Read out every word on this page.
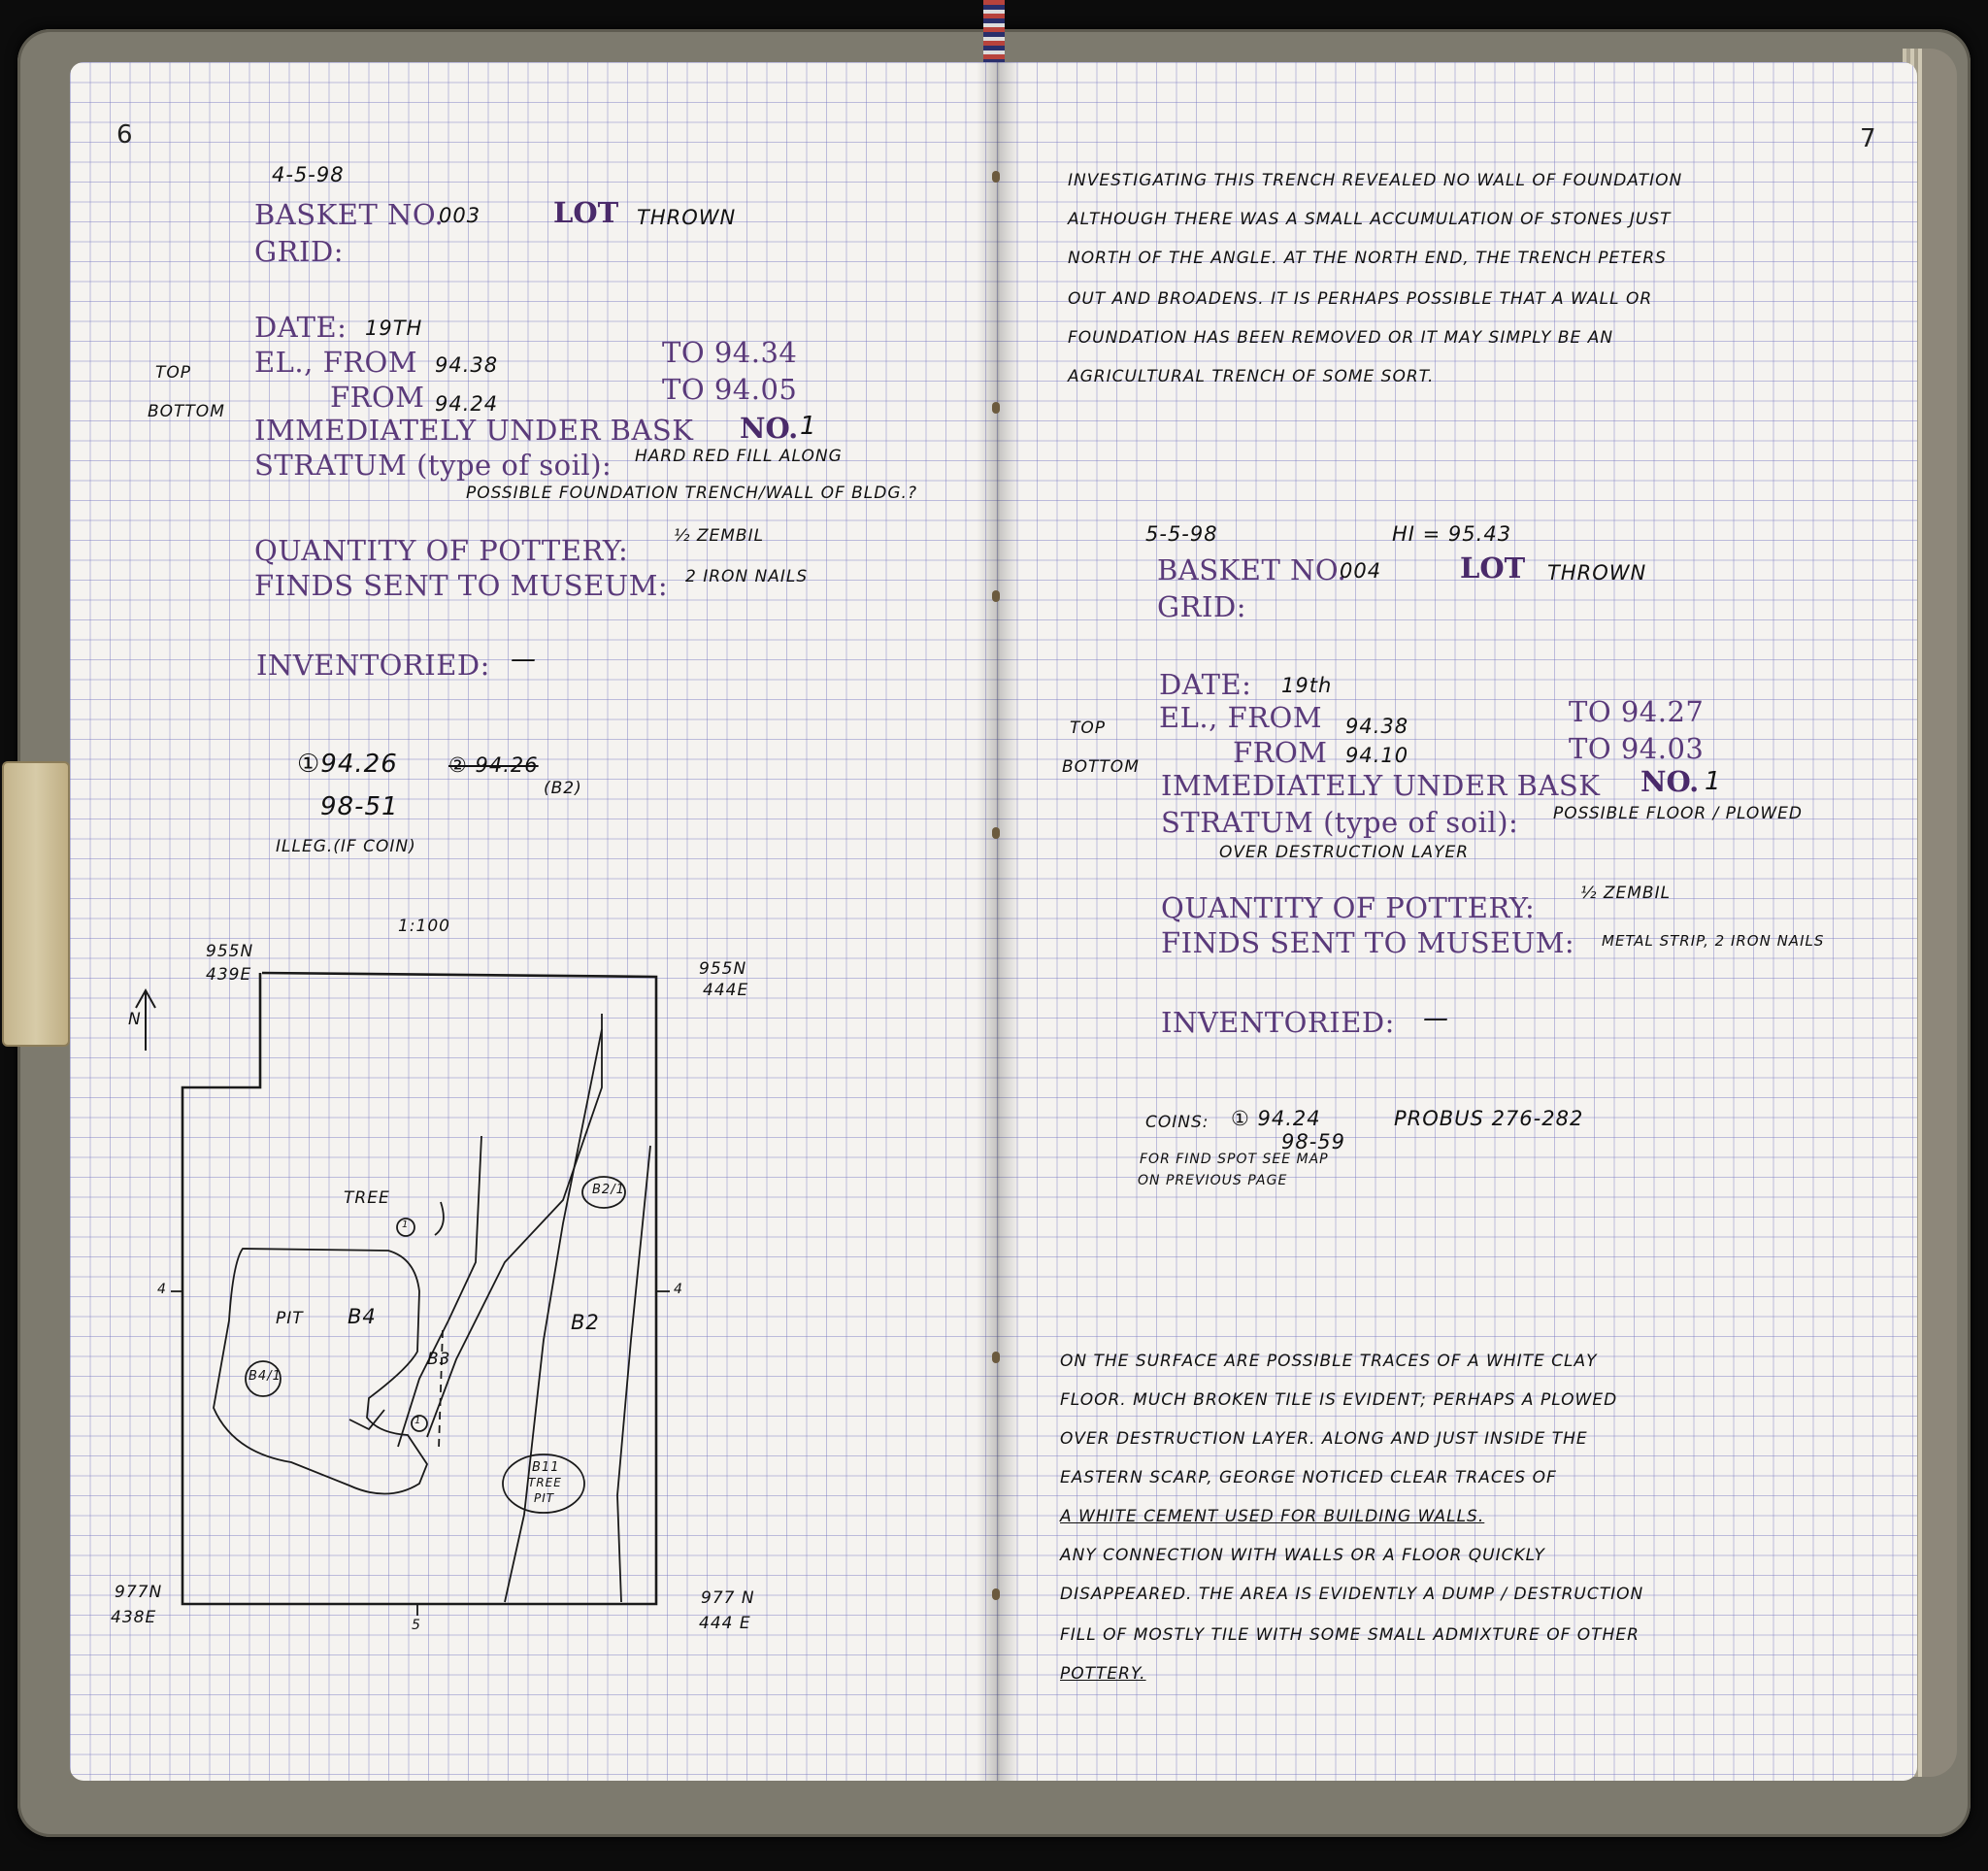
6
4-5-98
BASKET NO.
003	LOT THROWN
GRID:
DATE: 19TH
TOP EL., FROM 94.38	TO 94.34
BOTTOM	FROM 94.24	TO 94.05
IMMEDIATELY UNDER BASK NO. 1
STRATUM (type of soil): HARD RED FILL ALONG
POSSIBLE FOUNDATION TRENCH/WALL OF BLDG.?
QUANTITY OF POTTERY:	½ ZEMBIL
FINDS SENT TO MUSEUM: 2 IRON NAILS
INVENTORIED: —
①94.26 ② 94.26
(B2)
98-51
ILLEG.(IF COIN)
1:100
N
955N
439E	955N
444E
977N
438E
977 N
444 E
TREE
PIT B4
B4/1
B3
B2
B2/1
B11
TREE
PIT
4	4
5
1
1
7
INVESTIGATING THIS TRENCH REVEALED NO WALL OF FOUNDATION
ALTHOUGH THERE WAS A SMALL ACCUMULATION OF STONES JUST
NORTH OF THE ANGLE. AT THE NORTH END, THE TRENCH PETERS
OUT AND BROADENS. IT IS PERHAPS POSSIBLE THAT A WALL OR
FOUNDATION HAS BEEN REMOVED OR IT MAY SIMPLY BE AN
AGRICULTURAL TRENCH OF SOME SORT.
5-5-98	HI = 95.43
BASKET NO.
004	LOT THROWN
GRID:
DATE: 19th
TOP EL., FROM 94.38	TO 94.27
BOTTOM	FROM 94.10	TO 94.03
IMMEDIATELY UNDER BASK NO. 1
STRATUM (type of soil): POSSIBLE FLOOR / PLOWED
OVER DESTRUCTION LAYER
QUANTITY OF POTTERY:	½ ZEMBIL
FINDS SENT TO MUSEUM: METAL STRIP, 2 IRON NAILS
INVENTORIED: —
COINS: ① 94.24	PROBUS 276-282
98-59
FOR FIND SPOT SEE MAP
ON PREVIOUS PAGE
ON THE SURFACE ARE POSSIBLE TRACES OF A WHITE CLAY
FLOOR. MUCH BROKEN TILE IS EVIDENT; PERHAPS A PLOWED
OVER DESTRUCTION LAYER. ALONG AND JUST INSIDE THE
EASTERN SCARP, GEORGE NOTICED CLEAR TRACES OF
A WHITE CEMENT USED FOR BUILDING WALLS.
ANY CONNECTION WITH WALLS OR A FLOOR QUICKLY
DISAPPEARED. THE AREA IS EVIDENTLY A DUMP / DESTRUCTION
FILL OF MOSTLY TILE WITH SOME SMALL ADMIXTURE OF OTHER
POTTERY.
